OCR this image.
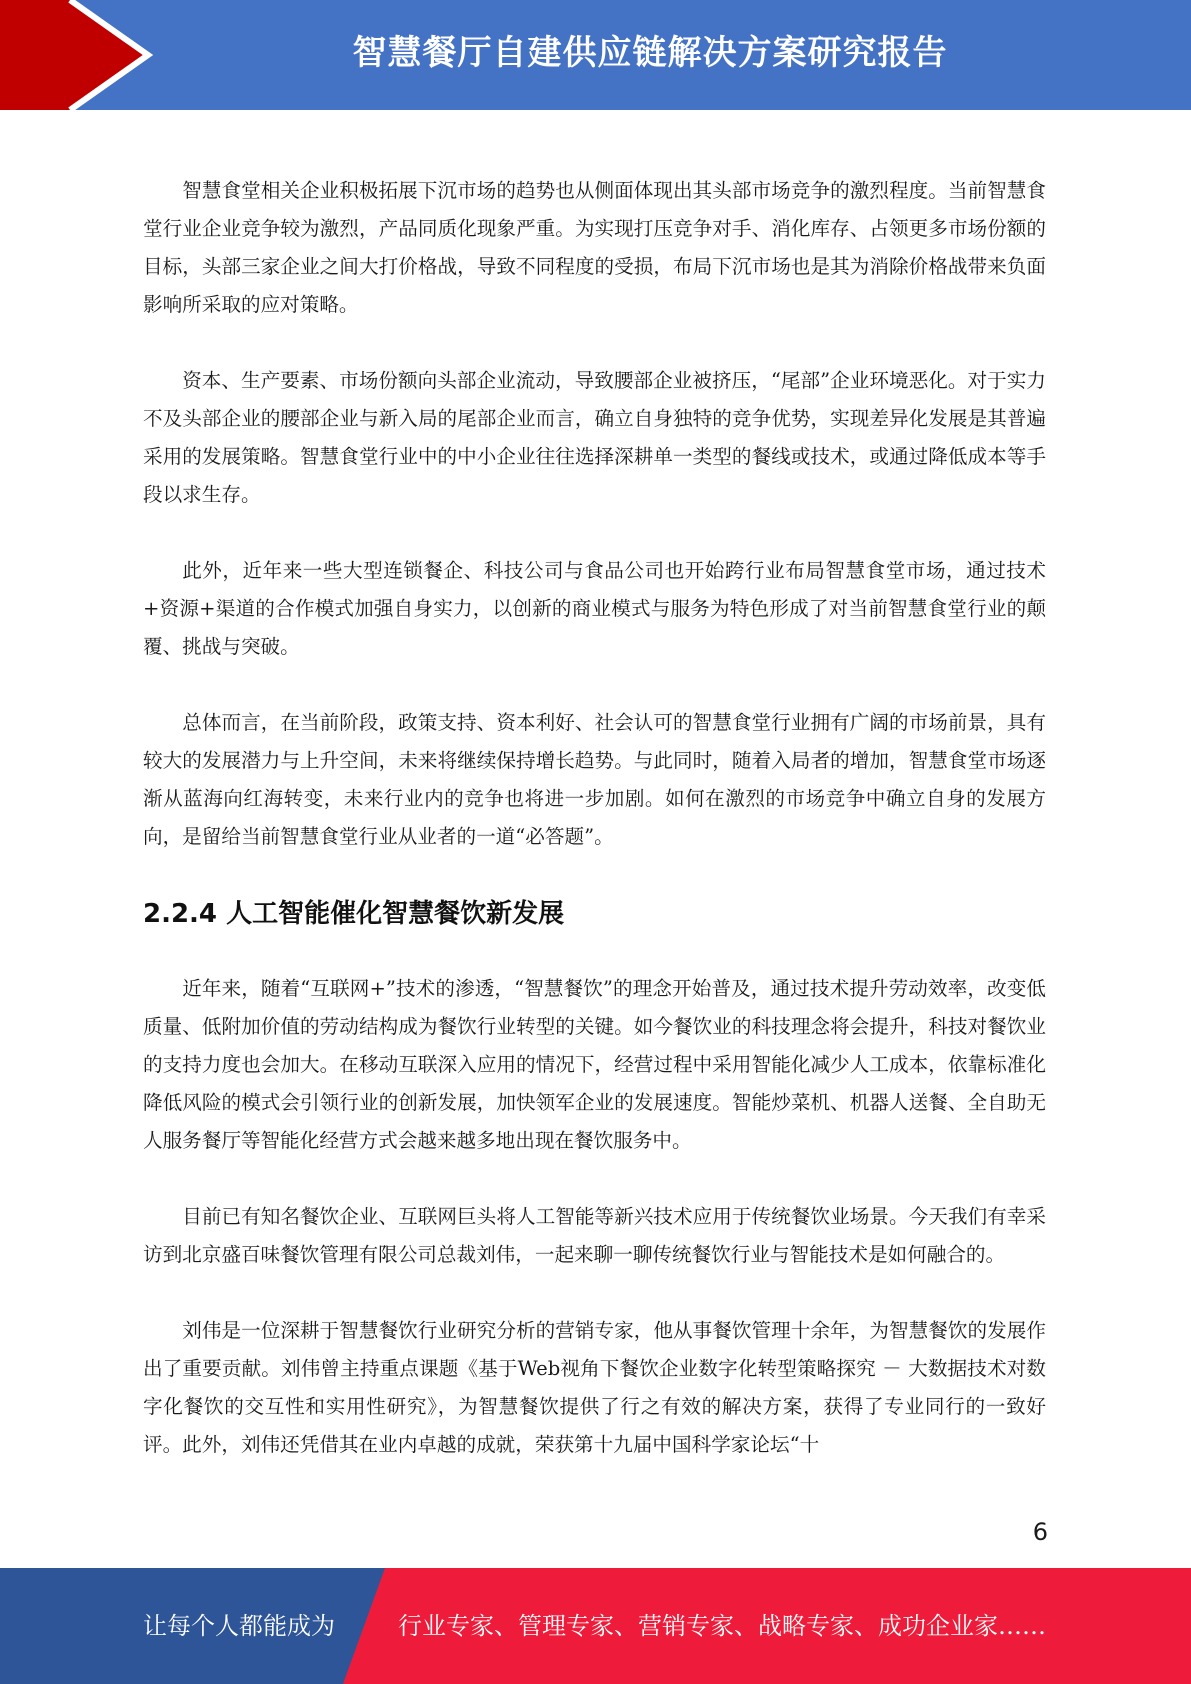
智慧餐厅自建供应链解决方案研究报告

智慧食堂相关企业积极拓展下沉市场的趋势也从侧面体现出其头部市场竞争的激烈程度。当前智慧食堂行业企业竞争较为激烈，产品同质化现象严重。为实现打压竞争对手、消化库存、占领更多市场份额的目标，头部三家企业之间大打价格战，导致不同程度的受损，布局下沉市场也是其为消除价格战带来负面影响所采取的应对策略。

资本、生产要素、市场份额向头部企业流动，导致腰部企业被挤压，“尾部”企业环境恶化。对于实力不及头部企业的腰部企业与新入局的尾部企业而言，确立自身独特的竞争优势，实现差异化发展是其普遍采用的发展策略。智慧食堂行业中的中小企业往往选择深耕单一类型的餐线或技术，或通过降低成本等手段以求生存。

此外，近年来一些大型连锁餐企、科技公司与食品公司也开始跨行业布局智慧食堂市场，通过技术+资源+渠道的合作模式加强自身实力，以创新的商业模式与服务为特色形成了对当前智慧食堂行业的颠覆、挑战与突破。

总体而言，在当前阶段，政策支持、资本利好、社会认可的智慧食堂行业拥有广阔的市场前景，具有较大的发展潜力与上升空间，未来将继续保持增长趋势。与此同时，随着入局者的增加，智慧食堂市场逐渐从蓝海向红海转变，未来行业内的竞争也将进一步加剧。如何在激烈的市场竞争中确立自身的发展方向，是留给当前智慧食堂行业从业者的一道“必答题”。

2.2.4 人工智能催化智慧餐饮新发展

近年来，随着“互联网+”技术的渗透，“智慧餐饮”的理念开始普及，通过技术提升劳动效率，改变低质量、低附加价值的劳动结构成为餐饮行业转型的关键。如今餐饮业的科技理念将会提升，科技对餐饮业的支持力度也会加大。在移动互联深入应用的情况下，经营过程中采用智能化减少人工成本，依靠标准化降低风险的模式会引领行业的创新发展，加快领军企业的发展速度。智能炒菜机、机器人送餐、全自助无人服务餐厅等智能化经营方式会越来越多地出现在餐饮服务中。

目前已有知名餐饮企业、互联网巨头将人工智能等新兴技术应用于传统餐饮业场景。今天我们有幸采访到北京盛百味餐饮管理有限公司总裁刘伟，一起来聊一聊传统餐饮行业与智能技术是如何融合的。

刘伟是一位深耕于智慧餐饮行业研究分析的营销专家，他从事餐饮管理十余年，为智慧餐饮的发展作出了重要贡献。刘伟曾主持重点课题《基于Web视角下餐饮企业数字化转型策略探究 － 大数据技术对数字化餐饮的交互性和实用性研究》，为智慧餐饮提供了行之有效的解决方案，获得了专业同行的一致好评。此外，刘伟还凭借其在业内卓越的成就，荣获第十九届中国科学家论坛“十

6
让每个人都能成为	行业专家、管理专家、营销专家、战略专家、成功企业家……
